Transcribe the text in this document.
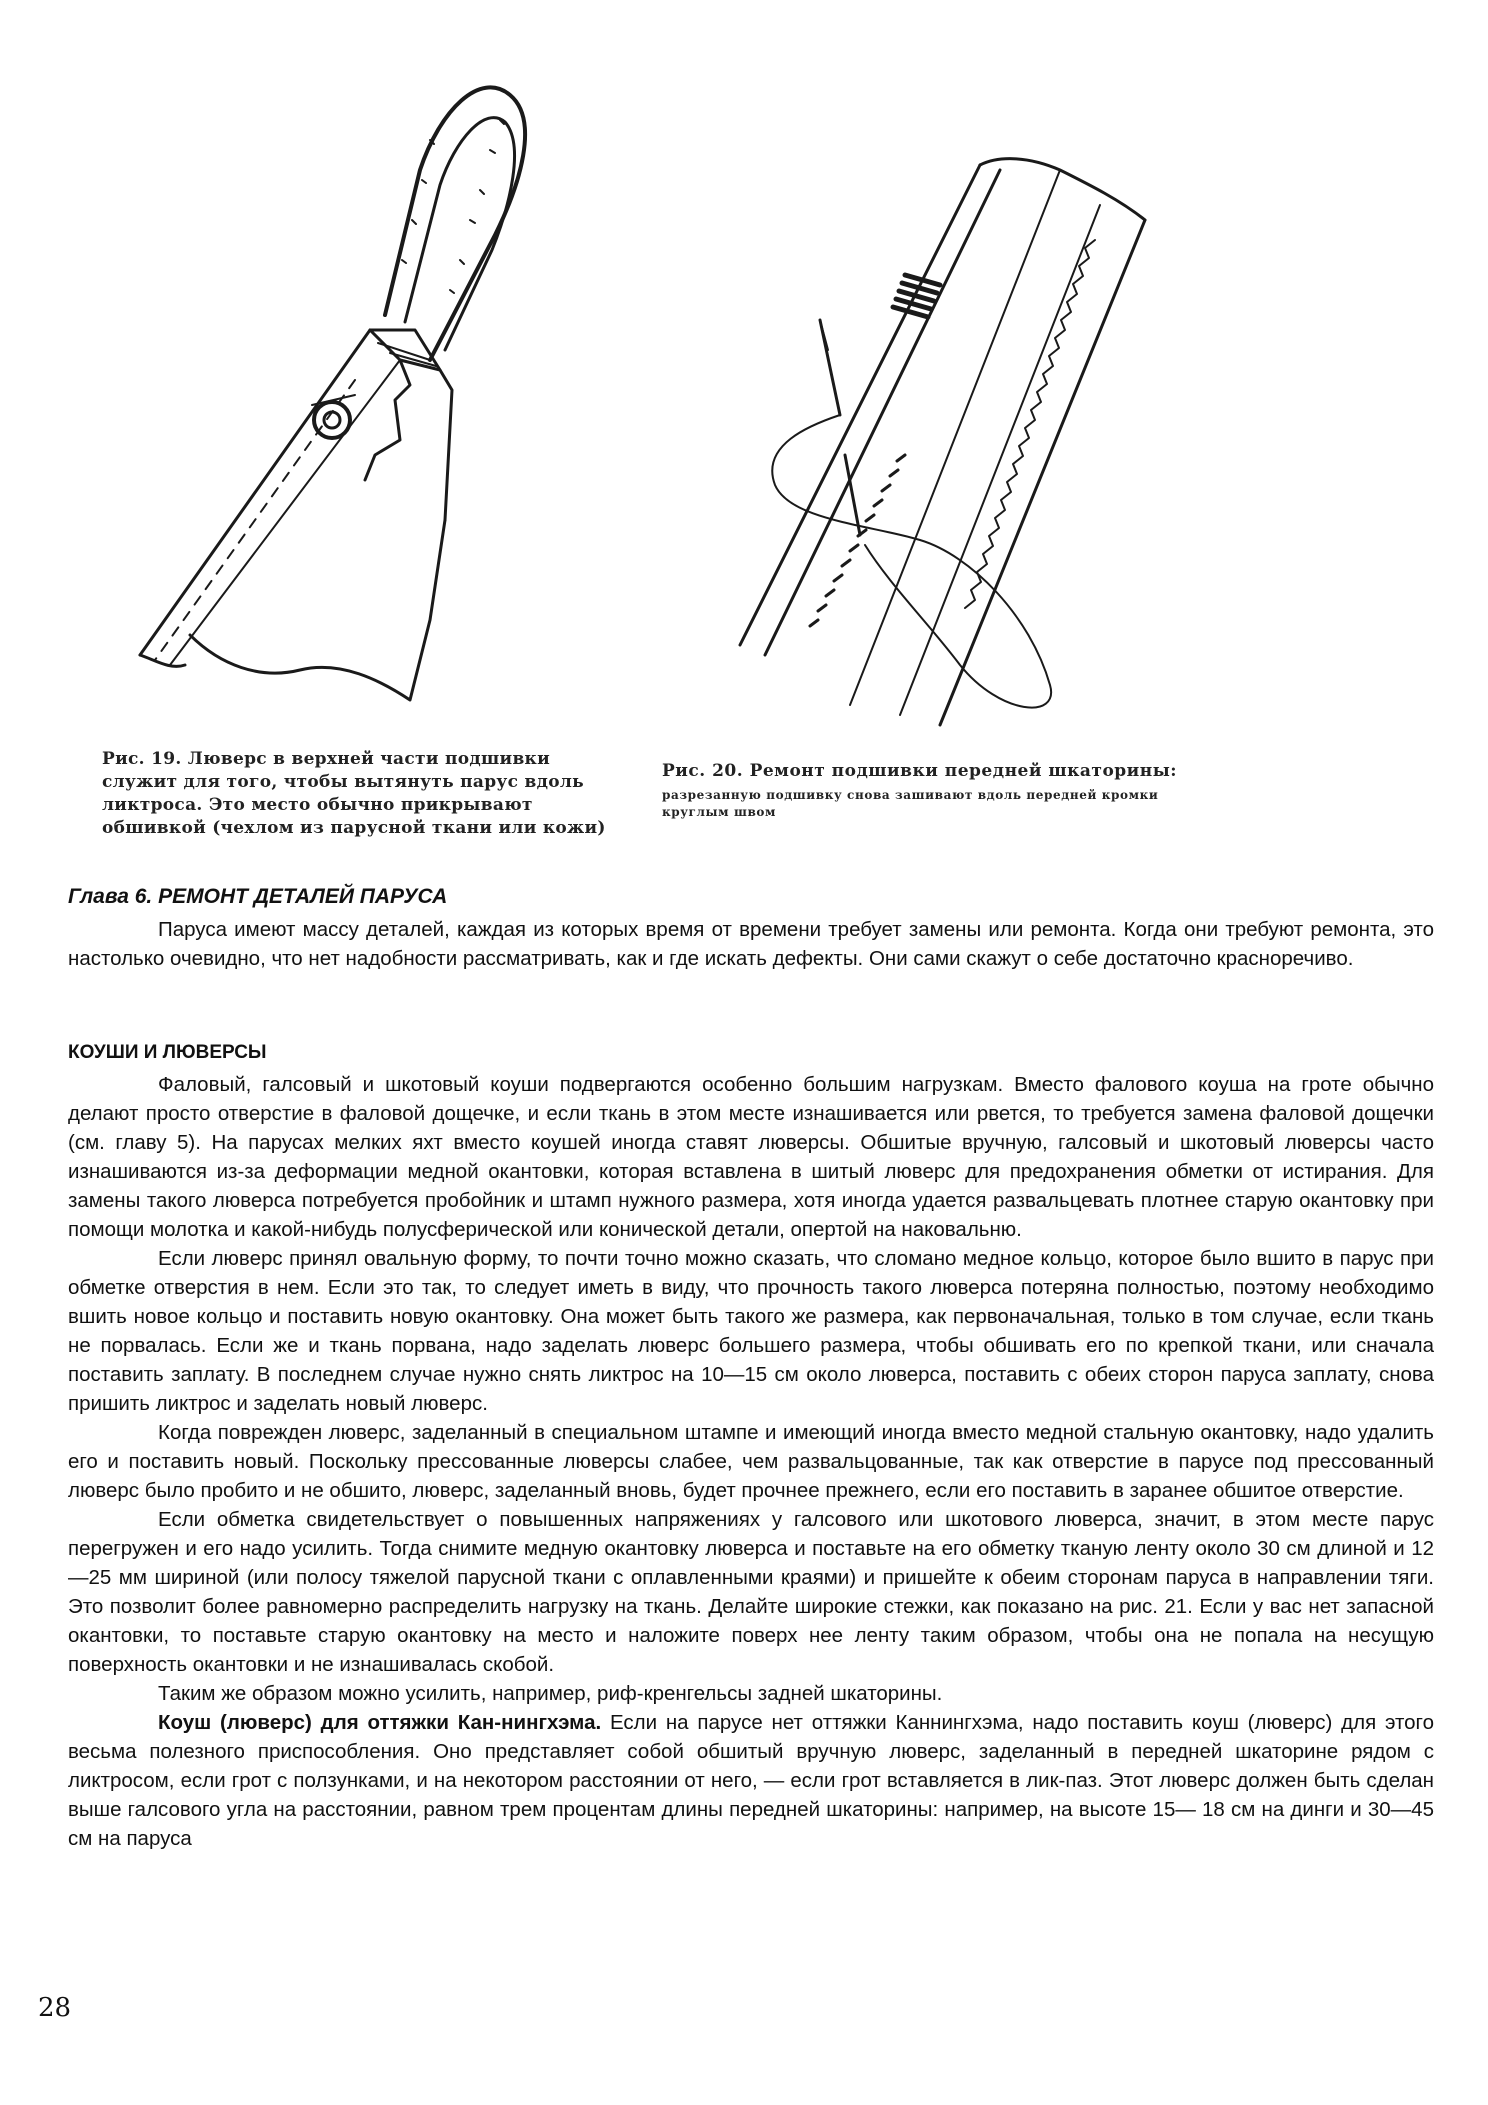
Рис. 19. Люверс в верхней части подшивки служит для того, чтобы вытянуть парус вдоль ликтроса. Это место обычно прикрывают обшивкой (чехлом из парусной ткани или кожи)
Рис. 20. Ремонт подшивки передней шкаторины:
разрезанную подшивку снова зашивают вдоль передней кромки круглым швом
Глава 6. РЕМОНТ ДЕТАЛЕЙ ПАРУСА

Паруса имеют массу деталей, каждая из которых время от времени требует замены или ремонта. Когда они требуют ремонта, это настолько очевидно, что нет надобности рассматривать, как и где искать дефекты. Они сами скажут о себе достаточно красноречиво.

КОУШИ И ЛЮВЕРСЫ

Фаловый, галсовый и шкотовый коуши подвергаются особенно большим нагрузкам. Вместо фалового коуша на гроте обычно делают просто отверстие в фаловой дощечке, и если ткань в этом месте изнашивается или рвется, то требуется замена фаловой дощечки (см. главу 5). На парусах мелких яхт вместо коушей иногда ставят люверсы. Обшитые вручную, галсовый и шкотовый люверсы часто изнашиваются из-за деформации медной окантовки, которая вставлена в шитый люверс для предохранения обметки от истирания. Для замены такого люверса потребуется пробойник и штамп нужного размера, хотя иногда удается развальцевать плотнее старую окантовку при помощи молотка и какой-нибудь полусферической или конической детали, опертой на наковальню.

Если люверс принял овальную форму, то почти точно можно сказать, что сломано медное кольцо, которое было вшито в парус при обметке отверстия в нем. Если это так, то следует иметь в виду, что прочность такого люверса потеряна полностью, поэтому необходимо вшить новое кольцо и поставить новую окантовку. Она может быть такого же размера, как первоначальная, только в том случае, если ткань не порвалась. Если же и ткань порвана, надо заделать люверс большего размера, чтобы обшивать его по крепкой ткани, или сначала поставить заплату. В последнем случае нужно снять ликтрос на 10—15 см около люверса, поставить с обеих сторон паруса заплату, снова пришить ликтрос и заделать новый люверс.

Когда поврежден люверс, заделанный в специальном штампе и имеющий иногда вместо медной стальную окантовку, надо удалить его и поставить новый. Поскольку прессованные люверсы слабее, чем развальцованные, так как отверстие в парусе под прессованный люверс было пробито и не обшито, люверс, заделанный вновь, будет прочнее прежнего, если его поставить в заранее обшитое отверстие.

Если обметка свидетельствует о повышенных напряжениях у галсового или шкотового люверса, значит, в этом месте парус перегружен и его надо усилить. Тогда снимите медную окантовку люверса и поставьте на его обметку тканую ленту около 30 см длиной и 12—25 мм шириной (или полосу тяжелой парусной ткани с оплавленными краями) и пришейте к обеим сторонам паруса в направлении тяги. Это позволит более равномерно распределить нагрузку на ткань. Делайте широкие стежки, как показано на рис. 21. Если у вас нет запасной окантовки, то поставьте старую окантовку на место и наложите поверх нее ленту таким образом, чтобы она не попала на несущую поверхность окантовки и не изнашивалась скобой.

Таким же образом можно усилить, например, риф-кренгельсы задней шкаторины.

Коуш (люверс) для оттяжки Кан-нингхэма. Если на парусе нет оттяжки Каннингхэма, надо поставить коуш (люверс) для этого весьма полезного приспособления. Оно представляет собой обшитый вручную люверс, заделанный в передней шкаторине рядом с ликтросом, если грот с ползунками, и на некотором расстоянии от него, — если грот вставляется в лик-паз. Этот люверс должен быть сделан выше галсового угла на расстоянии, равном трем процентам длины передней шкаторины: например, на высоте 15— 18 см на динги и 30—45 см на паруса

28
